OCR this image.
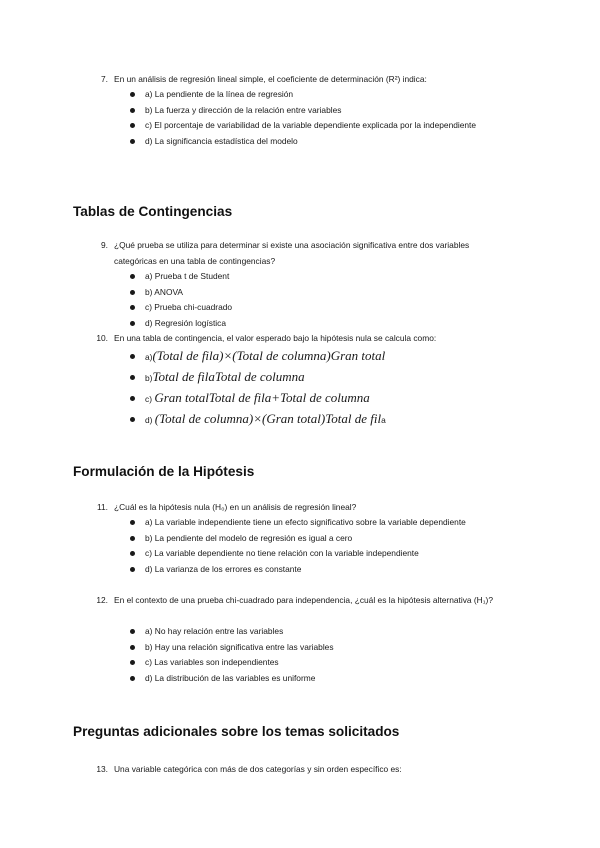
7. En un análisis de regresión lineal simple, el coeficiente de determinación (R²) indica:
a) La pendiente de la línea de regresión
b) La fuerza y dirección de la relación entre variables
c) El porcentaje de variabilidad de la variable dependiente explicada por la independiente
d) La significancia estadística del modelo
Tablas de Contingencias
9. ¿Qué prueba se utiliza para determinar si existe una asociación significativa entre dos variables categóricas en una tabla de contingencias?
a) Prueba t de Student
b) ANOVA
c) Prueba chi-cuadrado
d) Regresión logística
10. En una tabla de contingencia, el valor esperado bajo la hipótesis nula se calcula como:
a)(Total de fila)×(Total de columna)Gran total
b)Total de filaTotal de columna
c) Gran totalTotal de fila+Total de columna
d) (Total de columna)×(Gran total)Total de fila
Formulación de la Hipótesis
11. ¿Cuál es la hipótesis nula (H₀) en un análisis de regresión lineal?
a) La variable independiente tiene un efecto significativo sobre la variable dependiente
b) La pendiente del modelo de regresión es igual a cero
c) La variable dependiente no tiene relación con la variable independiente
d) La varianza de los errores es constante
12. En el contexto de una prueba chi-cuadrado para independencia, ¿cuál es la hipótesis alternativa (H₁)?
a) No hay relación entre las variables
b) Hay una relación significativa entre las variables
c) Las variables son independientes
d) La distribución de las variables es uniforme
Preguntas adicionales sobre los temas solicitados
13. Una variable categórica con más de dos categorías y sin orden específico es:
